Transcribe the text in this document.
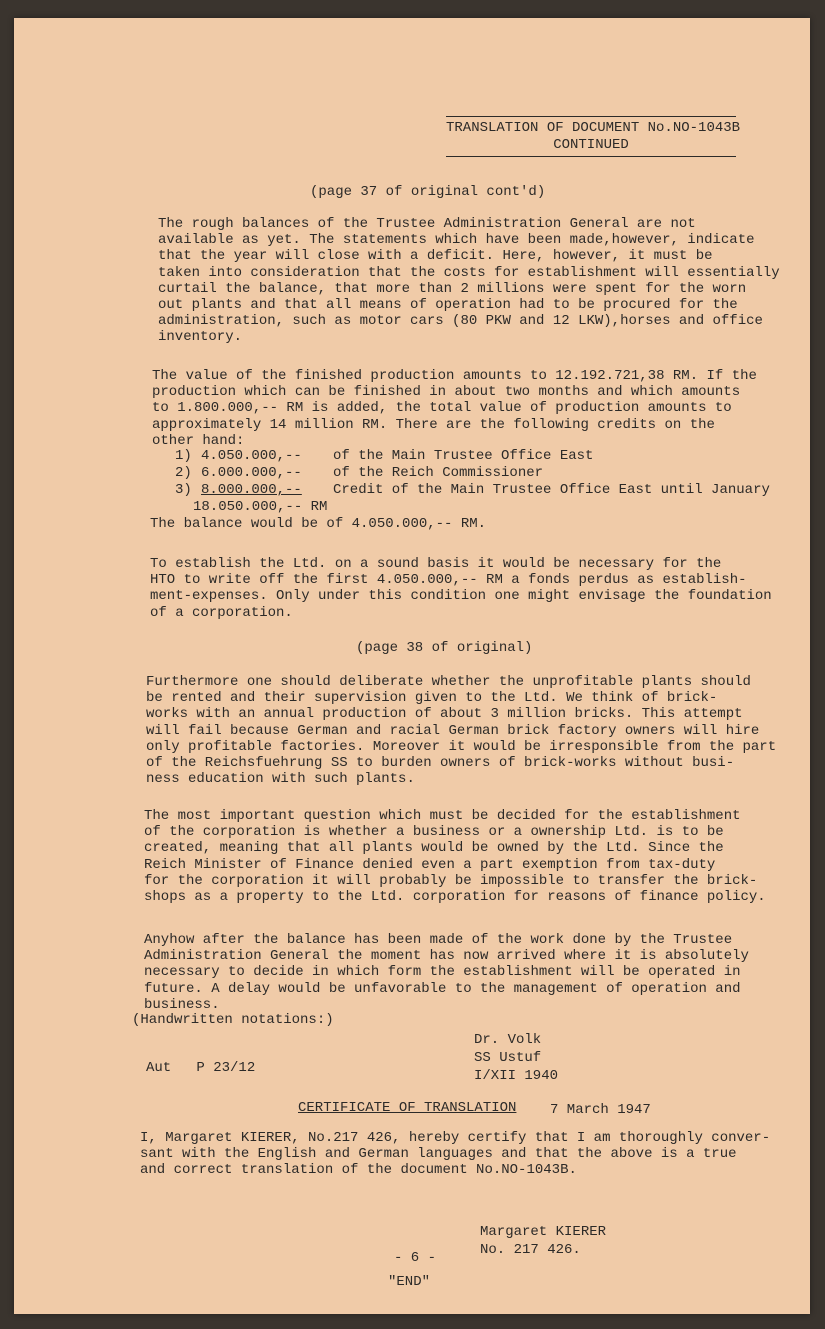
TRANSLATION OF DOCUMENT No.NO-1043B
CONTINUED
(page 37 of original cont'd)
The rough balances of the Trustee Administration General are not
available as yet. The statements which have been made,however, indicate
that the year will close with a deficit. Here, however, it must be
taken into consideration that the costs for establishment will essentially
curtail the balance, that more than 2 millions were spent for the worn
out plants and that all means of operation had to be procured for the
administration, such as motor cars (80 PKW and 12 LKW),horses and office
inventory.
The value of the finished production amounts to 12.192.721,38 RM. If the
production which can be finished in about two months and which amounts
to 1.800.000,-- RM is added, the total value of production amounts to
approximately 14 million RM. There are the following credits on the
other hand:
1) 4.050.000,-- of the Main Trustee Office East
2) 6.000.000,-- of the Reich Commissioner
3) 8.000.000,-- Credit of the Main Trustee Office East until January
18.050.000,-- RM
The balance would be of 4.050.000,-- RM.
To establish the Ltd. on a sound basis it would be necessary for the
HTO to write off the first 4.050.000,-- RM a fonds perdus as establish-
ment-expenses. Only under this condition one might envisage the foundation
of a corporation.
(page 38 of original)
Furthermore one should deliberate whether the unprofitable plants should
be rented and their supervision given to the Ltd. We think of brick-
works with an annual production of about 3 million bricks. This attempt
will fail because German and racial German brick factory owners will hire
only profitable factories. Moreover it would be irresponsible from the part
of the Reichsfuehrung SS to burden owners of brick-works without busi-
ness education with such plants.
The most important question which must be decided for the establishment
of the corporation is whether a business or a ownership Ltd. is to be
created, meaning that all plants would be owned by the Ltd. Since the
Reich Minister of Finance denied even a part exemption from tax-duty
for the corporation it will probably be impossible to transfer the brick-
shops as a property to the Ltd. corporation for reasons of finance policy.
Anyhow after the balance has been made of the work done by the Trustee
Administration General the moment has now arrived where it is absolutely
necessary to decide in which form the establishment will be operated in
future. A delay would be unfavorable to the management of operation and
business.
(Handwritten notations:)
Dr. Volk
SS Ustuf
I/XII 1940
Aut   P 23/12
CERTIFICATE OF TRANSLATION 7 March 1947
I, Margaret KIERER, No.217 426, hereby certify that I am thoroughly conver-
sant with the English and German languages and that the above is a true
and correct translation of the document No.NO-1043B.
Margaret KIERER
No. 217 426.
- 6 -
"END"
